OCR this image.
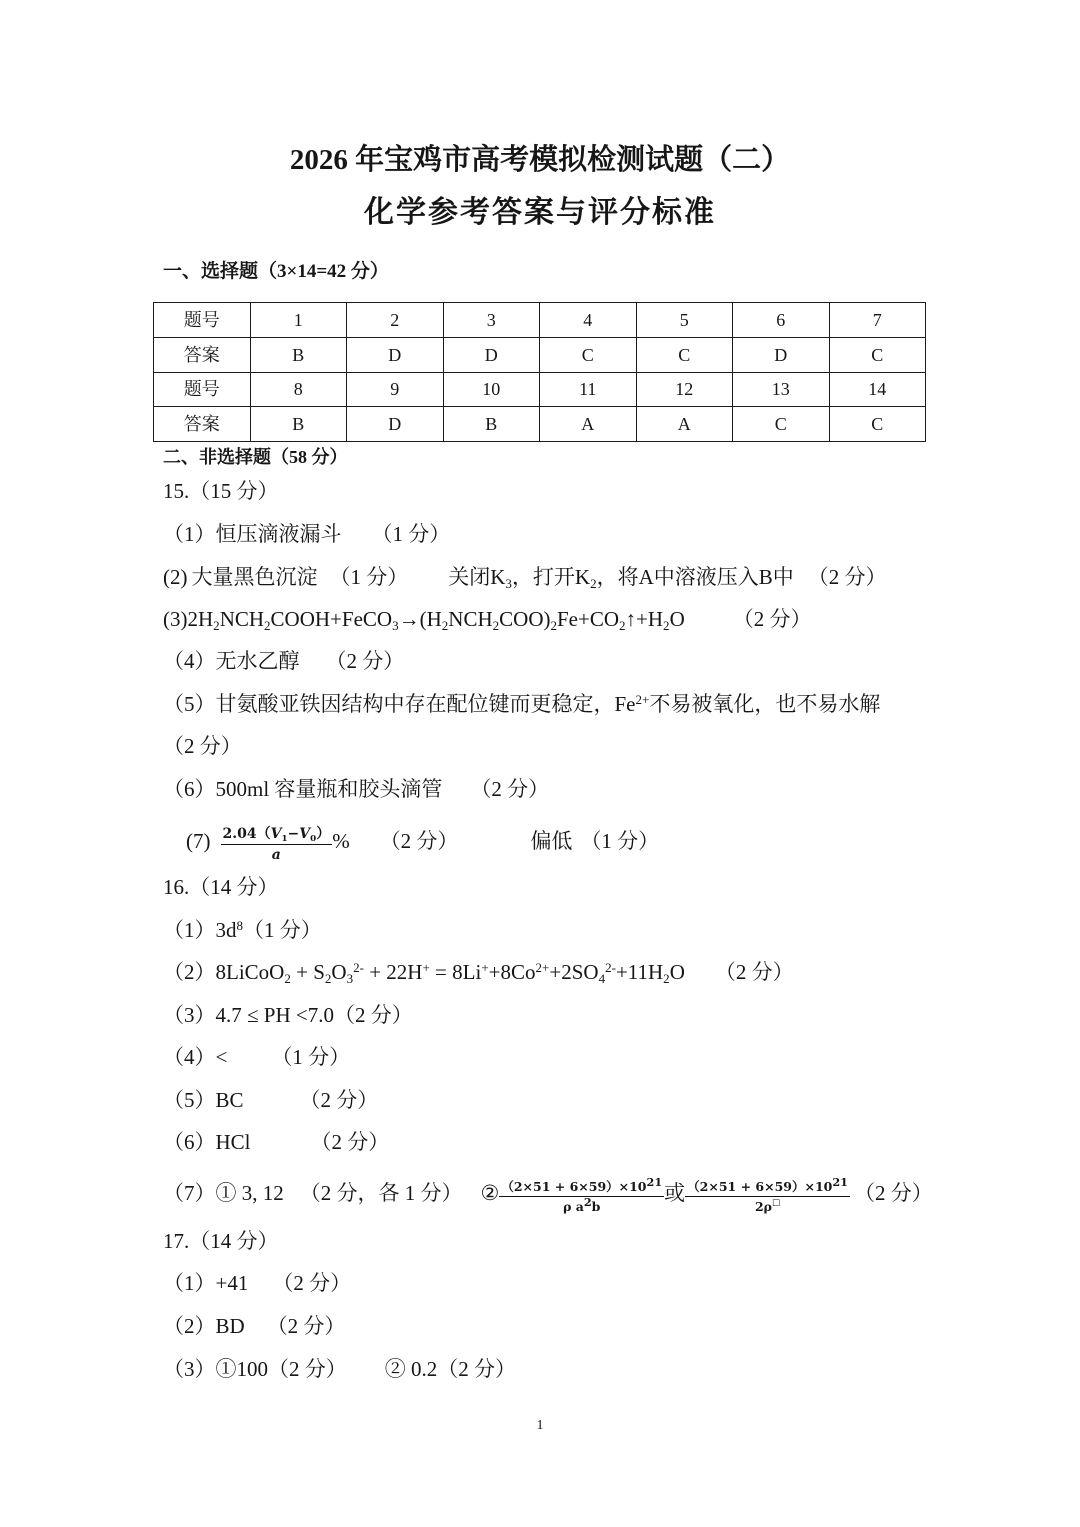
2026 年宝鸡市高考模拟检测试题（二）
化学参考答案与评分标准
一、选择题（3×14=42 分）
题号	1	2	3	4	5	6	7
答案	B	D	D	C	C	D	C
题号	8	9	10	11	12	13	14
答案	B	D	B	A	A	C	C
二、非选择题（58 分）
15.（15 分）
（1）恒压滴液漏斗 （1 分）
(2) 大量黑色沉淀 （1 分） 关闭$K_3$，打开$K_2$，将A中溶液压入B中 （2 分）
$(3)2H_2NCH_2COOH+FeCO_3\to(H_2NCH_2COO)_2Fe+CO_2↑+H_2O$ （2 分）
（4）无水乙醇 （2 分）
（5）甘氨酸亚铁因结构中存在配位键而更稳定，$Fe^{2+}$不易被氧化，也不易水解
（2 分）
（6）500ml 容量瓶和胶头滴管 （2 分）
$(7) \frac{2.04(V_1-V_0)}{a}$ % （2 分）	偏低 （1 分）
16.（14 分）
$(1)3d^8(1$ 分）
（2）8LiCoO$_2$ + $S_2O_3^{2-} + 22H^+ = 8Li^++8Co^{2+}+2SO_4^{2-}+11H_2O$ （2 分）
（3）4.7 ≤ PH <7.0（2 分）
（4）< （1 分）
（5）BC	（2 分）
（6）HCl	（2 分）
（7）① 3, 12 （2 分，各 1 分） ② $\frac{(2\times 51 + 6\times 59)\times 10^{21}}{\rho a^2b}$ 或 $\frac{(2\times 51 + 6\times 59)\times 10^{21}}{2\rho^□} (2$ 分）
17.（14 分）
（1）+41 （2 分）
（2）BD （2 分）
（3）①100（2 分） ② 0.2（2 分）
1
